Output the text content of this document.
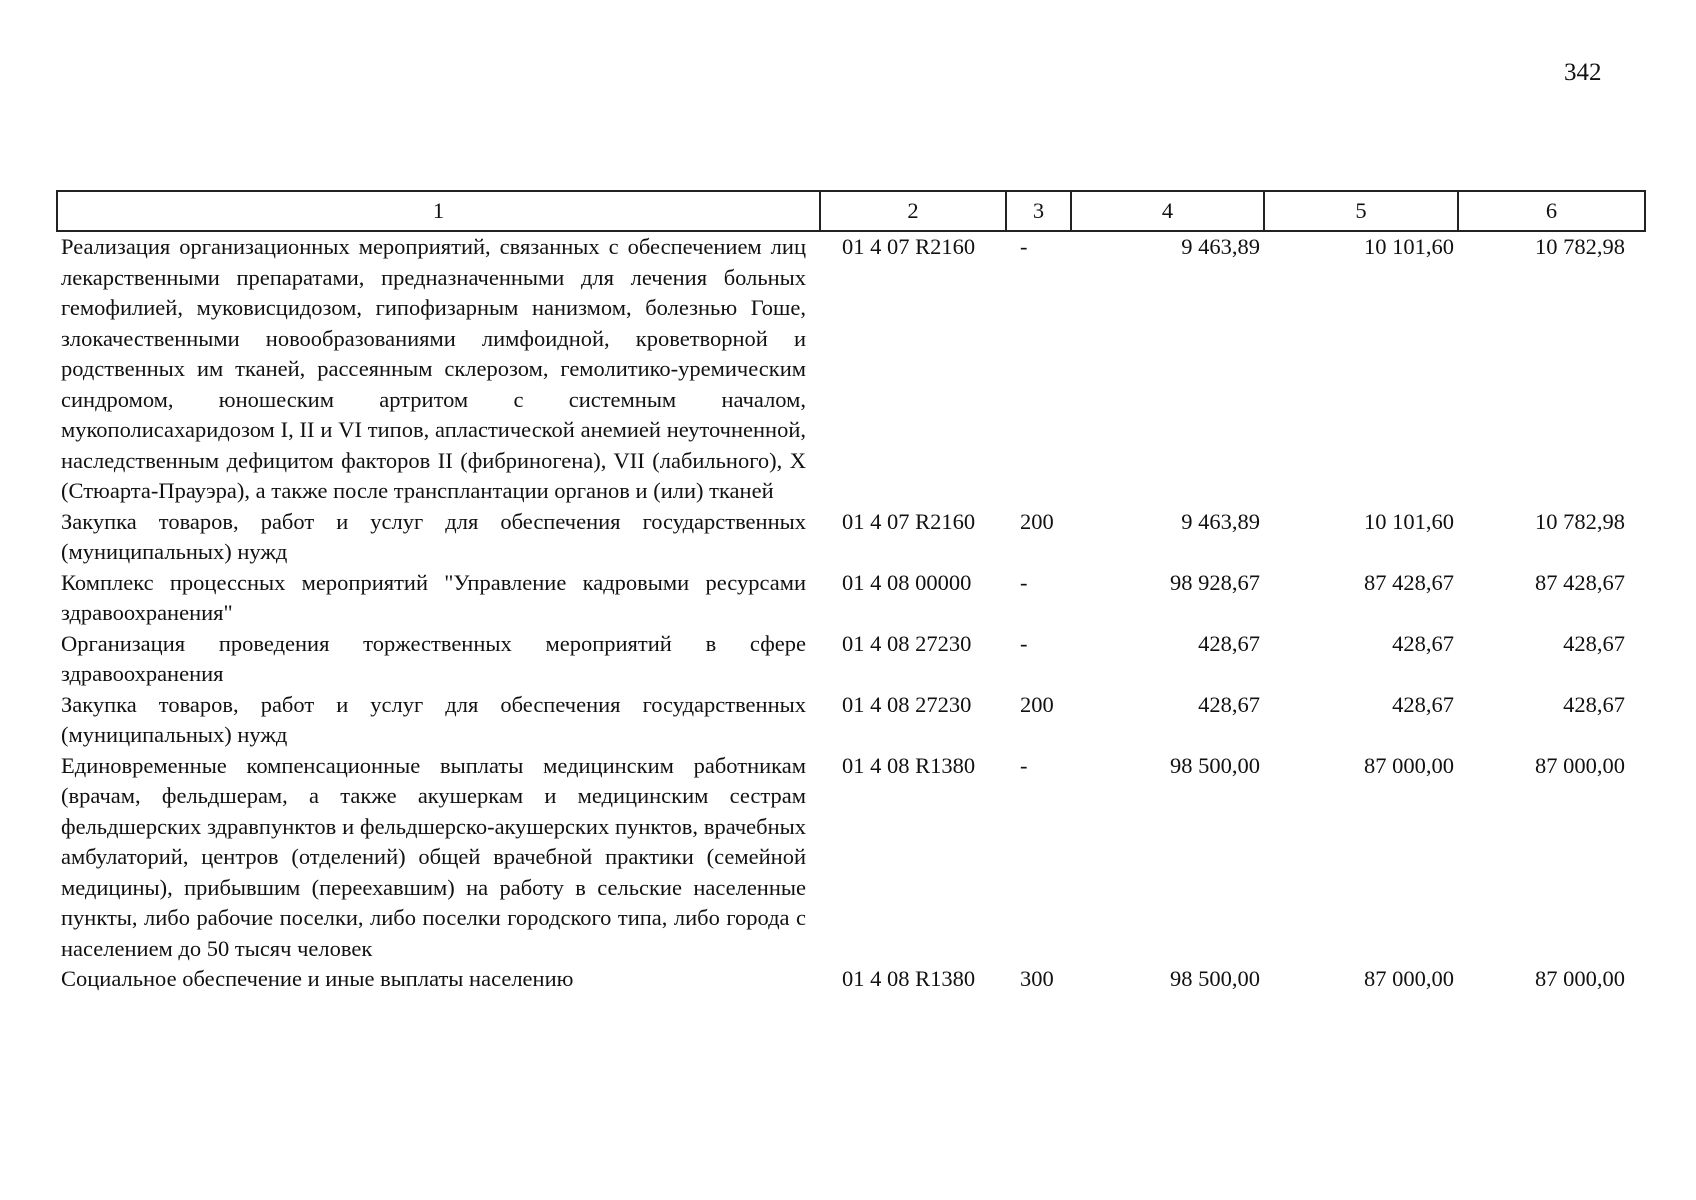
342
1	2	3	4	5	6
Реализация организационных мероприятий, связанных с обеспечением лиц лекарственными препаратами, предназначенными для лечения больных гемофилией, муковисцидозом, гипофизарным нанизмом, болезнью Гоше, злокачественными новообразованиями лимфоидной, кроветворной и родственных им тканей, рассеянным склерозом, гемолитико-уремическим синдромом, юношеским артритом с системным началом, мукополисахаридозом I, II и VI типов, апластической анемией неуточненной, наследственным дефицитом факторов II (фибриногена), VII (лабильного), X (Стюарта-Прауэра), а также после трансплантации органов и (или) тканей	01 4 07 R2160	-	9 463,89	10 101,60	10 782,98
Закупка товаров, работ и услуг для обеспечения государственных (муниципальных) нужд	01 4 07 R2160	200	9 463,89	10 101,60	10 782,98
Комплекс процессных мероприятий "Управление кадровыми ресурсами здравоохранения"	01 4 08 00000	-	98 928,67	87 428,67	87 428,67
Организация проведения торжественных мероприятий в сфере здравоохранения	01 4 08 27230	-	428,67	428,67	428,67
Закупка товаров, работ и услуг для обеспечения государственных (муниципальных) нужд	01 4 08 27230	200	428,67	428,67	428,67
Единовременные компенсационные выплаты медицинским работникам (врачам, фельдшерам, а также акушеркам и медицинским сестрам фельдшерских здравпунктов и фельдшерско-акушерских пунктов, врачебных амбулаторий, центров (отделений) общей врачебной практики (семейной медицины), прибывшим (переехавшим) на работу в сельские населенные пункты, либо рабочие поселки, либо поселки городского типа, либо города с населением до 50 тысяч человек	01 4 08 R1380	-	98 500,00	87 000,00	87 000,00
Социальное обеспечение и иные выплаты населению	01 4 08 R1380	300	98 500,00	87 000,00	87 000,00
